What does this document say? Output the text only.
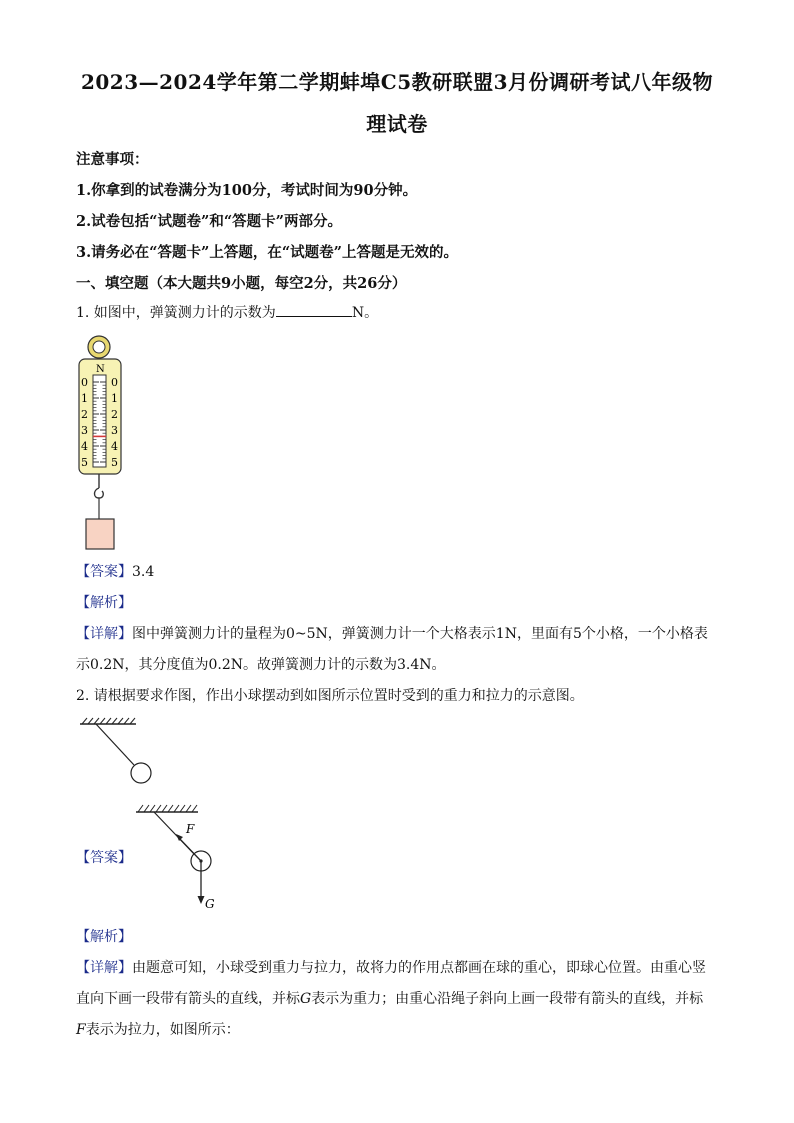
2023—2024学年第二学期蚌埠C5教研联盟3月份调研考试八年级物
理试卷
注意事项：
1.你拿到的试卷满分为100分，考试时间为90分钟。
2.试卷包括“试题卷”和“答题卡”两部分。
3.请务必在“答题卡”上答题，在“试题卷”上答题是无效的。
一、填空题（本大题共9小题，每空2分，共26分）
1. 如图中，弹簧测力计的示数为	N。
N
0
1
2
3
4
5
0
1
2
3
4
5
【答案】3.4
【解析】
【详解】图中弹簧测力计的量程为0~5N，弹簧测力计一个大格表示1N，里面有5个小格，一个小格表
示0.2N，其分度值为0.2N。故弹簧测力计的示数为3.4N。
2. 请根据要求作图，作出小球摆动到如图所示位置时受到的重力和拉力的示意图。
【答案】
F
G
【解析】
【详解】由题意可知，小球受到重力与拉力，故将力的作用点都画在球的重心，即球心位置。由重心竖
直向下画一段带有箭头的直线，并标G表示为重力；由重心沿绳子斜向上画一段带有箭头的直线，并标
F表示为拉力，如图所示：
